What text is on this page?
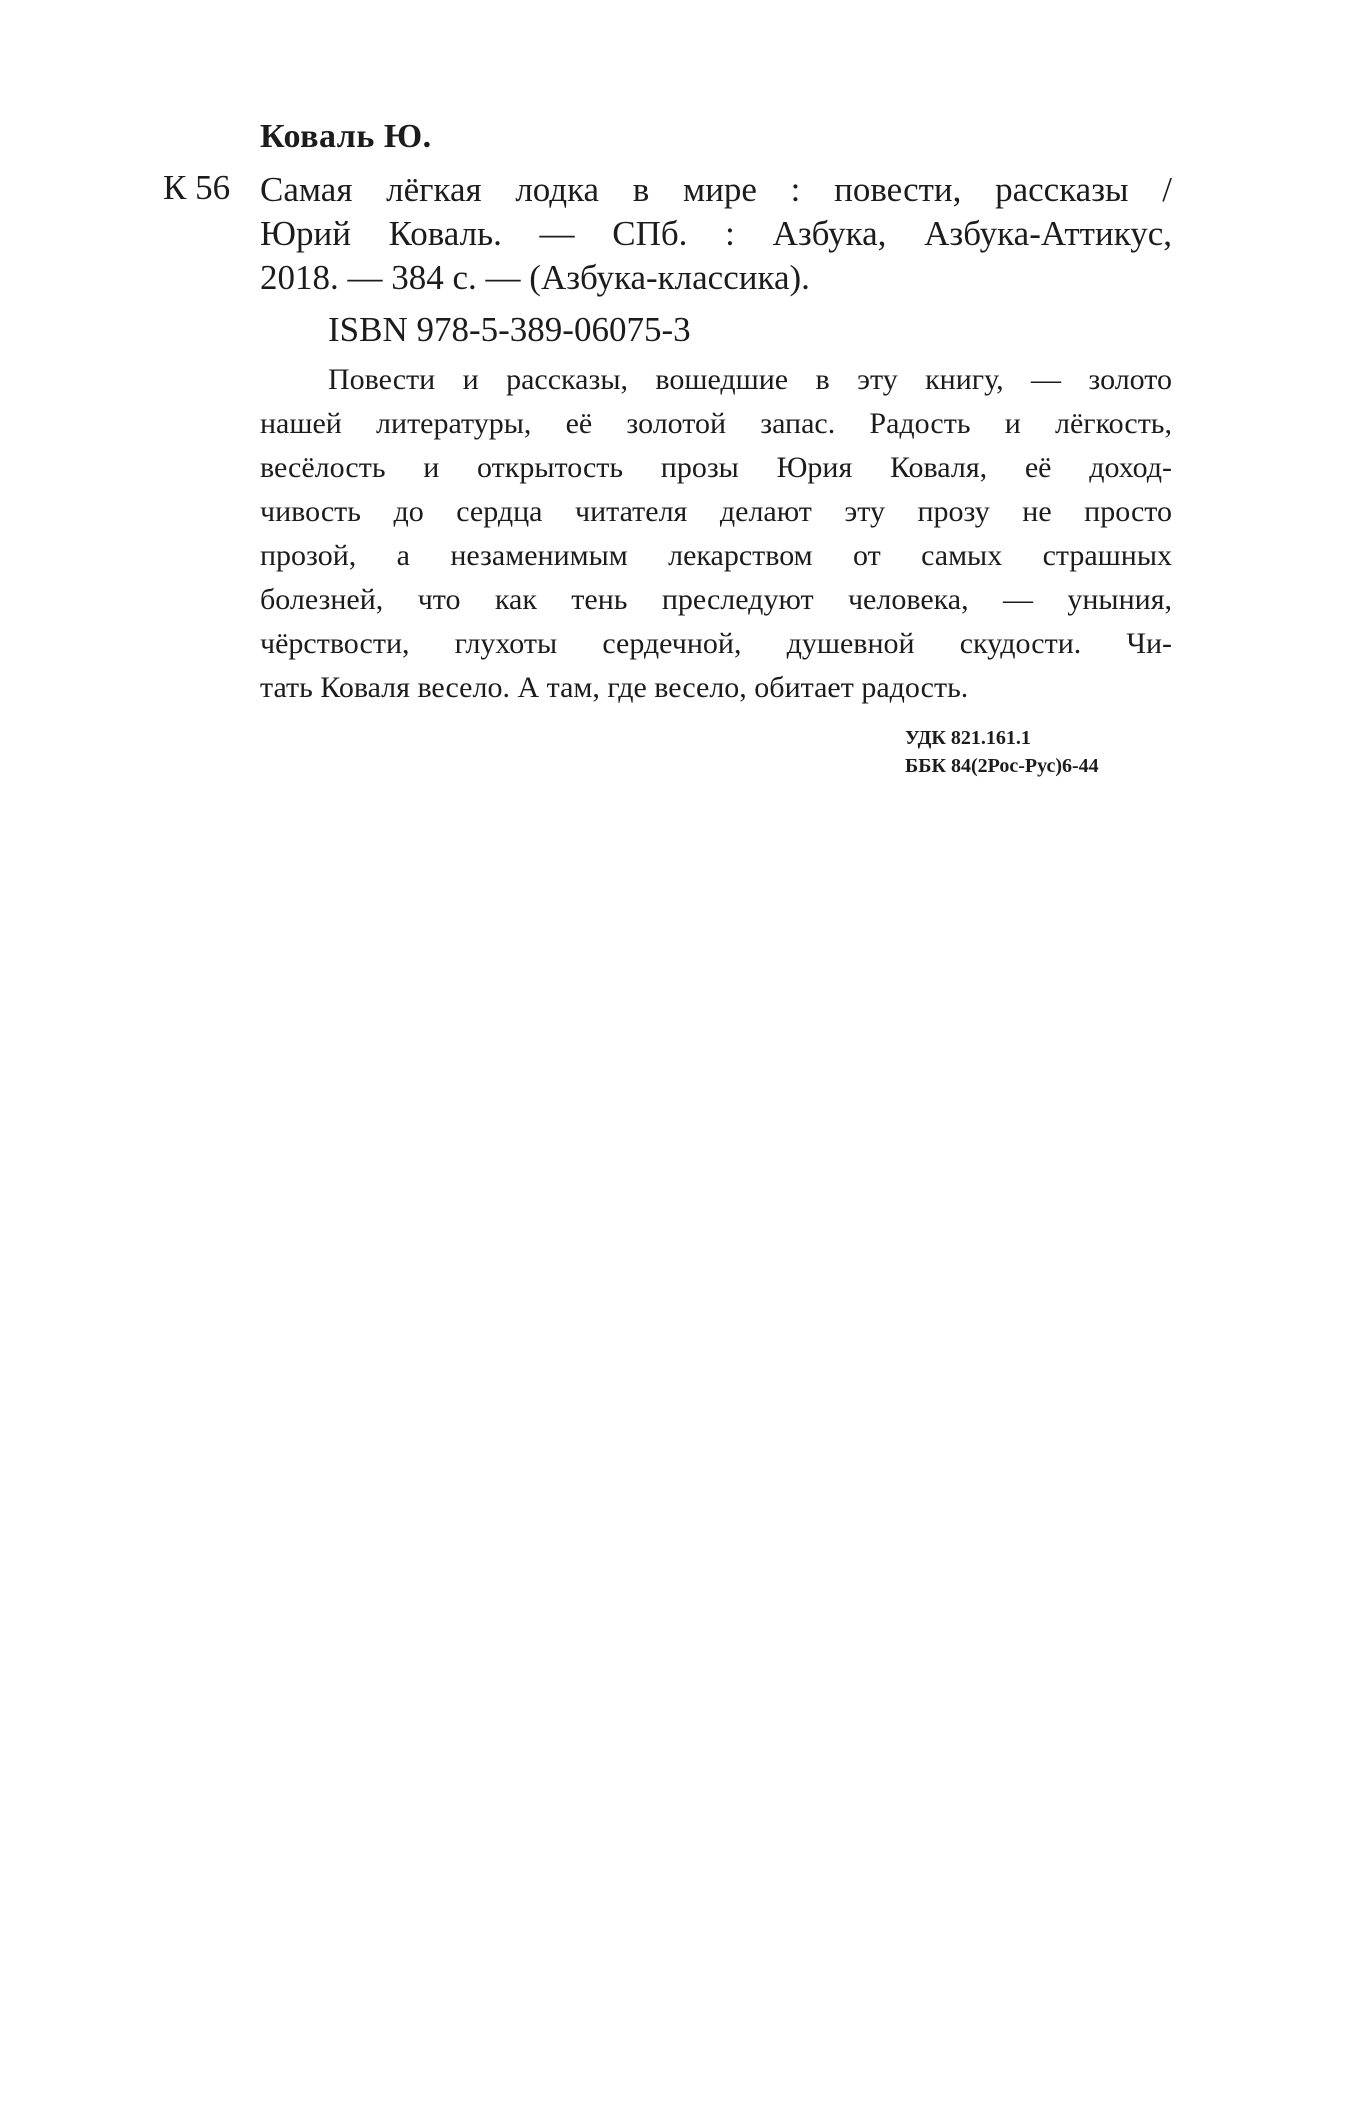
Коваль Ю.
К 56 Самая лёгкая лодка в мире : повести, рассказы /
Юрий Коваль. — СПб. : Азбука, Азбука-Аттикус,
2018. — 384 с. — (Азбука-классика).
ISBN 978-5-389-06075-3
Повести и рассказы, вошедшие в эту книгу, — золото
нашей литературы, её золотой запас. Радость и лёгкость,
весёлость и открытость прозы Юрия Коваля, её доход-
чивость до сердца читателя делают эту прозу не просто
прозой, а незаменимым лекарством от самых страшных
болезней, что как тень преследуют человека, — уныния,
чёрствости, глухоты сердечной, душевной скудости. Чи-
тать Коваля весело. А там, где весело, обитает радость.
УДК 821.161.1
ББК 84(2Рос-Рус)6-44
